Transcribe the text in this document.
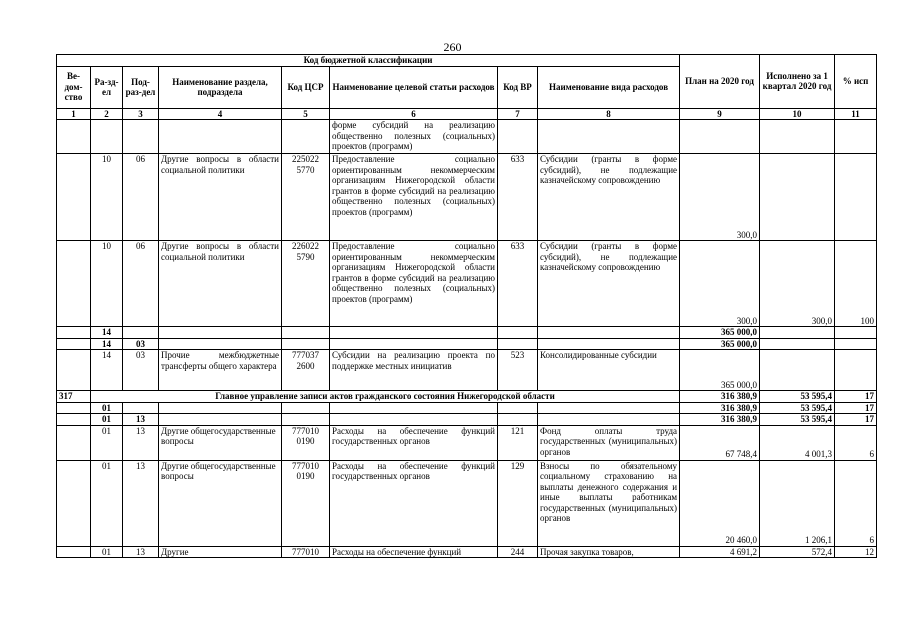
260
Код бюджетной классификации								План на 2020 год	Исполнено за 1 квартал 2020 год	% исп
Ве-дом-ство	Ра-зд-ел	Под-раз-дел	Наименование раздела, подраздела	Код ЦСР	Наименование целевой статьи расходов	Код ВР	Наименование вида расходов			
1	2	3	4	5	6	7	8	9	10	11
					форме субсидий на реализацию общественно полезных (социальных) проектов (программ)					
	10	06	Другие вопросы в области социальной политики	225022 5770	Предоставление социально ориентированным некоммерческим организациям Нижегородской области грантов в форме субсидий на реализацию общественно полезных (социальных) проектов (программ)	633	Субсидии (гранты в форме субсидий), не подлежащие казначейскому сопровождению	300,0		
	10	06	Другие вопросы в области социальной политики	226022 5790	Предоставление социально ориентированным некоммерческим организациям Нижегородской области грантов в форме субсидий на реализацию общественно полезных (социальных) проектов (программ)	633	Субсидии (гранты в форме субсидий), не подлежащие казначейскому сопровождению	300,0	300,0	100
	14							365 000,0		
	14	03						365 000,0		
	14	03	Прочие межбюджетные трансферты общего характера	777037 2600	Субсидии на реализацию проекта по поддержке местных инициатив	523	Консолидированные субсидии	365 000,0		
317	Главное управление записи актов гражданского состояния Нижегородской области							316 380,9	53 595,4	17
	01							316 380,9	53 595,4	17
	01	13						316 380,9	53 595,4	17
	01	13	Другие общегосударственные вопросы	777010 0190	Расходы на обеспечение функций государственных органов	121	Фонд оплаты труда государственных (муниципальных) органов	67 748,4	4 001,3	6
	01	13	Другие общегосударственные вопросы	777010 0190	Расходы на обеспечение функций государственных органов	129	Взносы по обязательному социальному страхованию на выплаты денежного содержания и иные выплаты работникам государственных (муниципальных) органов	20 460,0	1 206,1	6
	01	13	Другие	777010	Расходы на обеспечение функций	244	Прочая закупка товаров,	4 691,2	572,4	12
